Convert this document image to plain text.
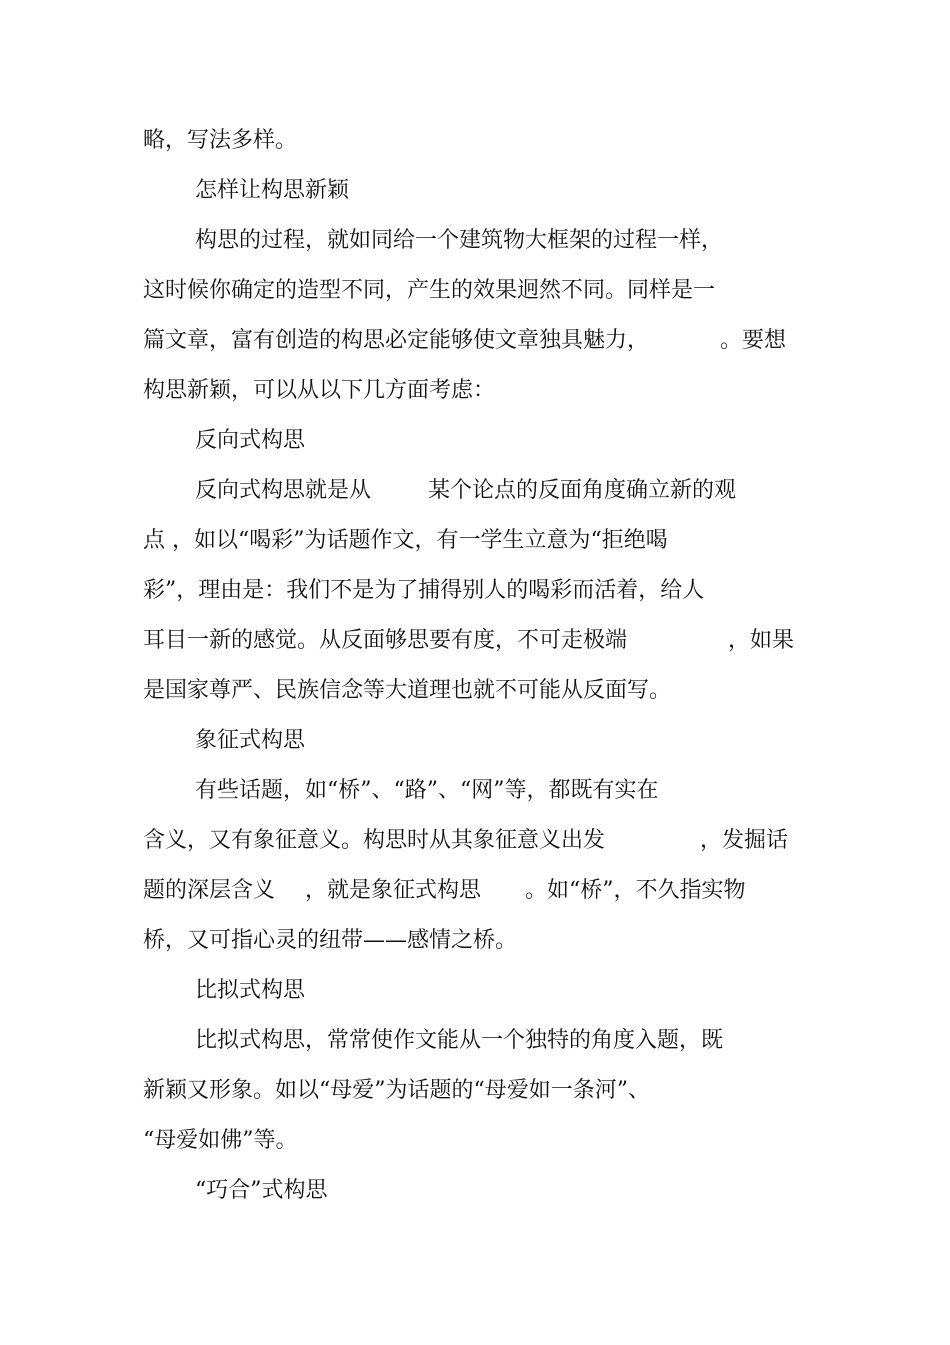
略，写法多样。
怎样让构思新颖
构思的过程，就如同给一个建筑物大框架的过程一样，
这时候你确定的造型不同，产生的效果迥然不同。同样是一
篇文章，富有创造的构思必定能够使文章独具魅力，	。要想
构思新颖，可以从以下几方面考虑：
反向式构思
反向式构思就是从	某个论点的反面角度确立新的观
点 ，如以“喝彩”为话题作文，有一学生立意为“拒绝喝
彩”，理由是：我们不是为了捕得别人的喝彩而活着，给人
耳目一新的感觉。从反面够思要有度，不可走极端	，如果
是国家尊严、民族信念等大道理也就不可能从反面写。
象征式构思
有些话题，如“桥”、“路”、“网”等，都既有实在
含义，又有象征意义。构思时从其象征意义出发	，发掘话
题的深层含义 ，就是象征式构思 。如“桥”，不久指实物
桥，又可指心灵的纽带——感情之桥。
比拟式构思
比拟式构思，常常使作文能从一个独特的角度入题，既
新颖又形象。如以“母爱”为话题的“母爱如一条河”、
“母爱如佛”等。
“巧合”式构思
